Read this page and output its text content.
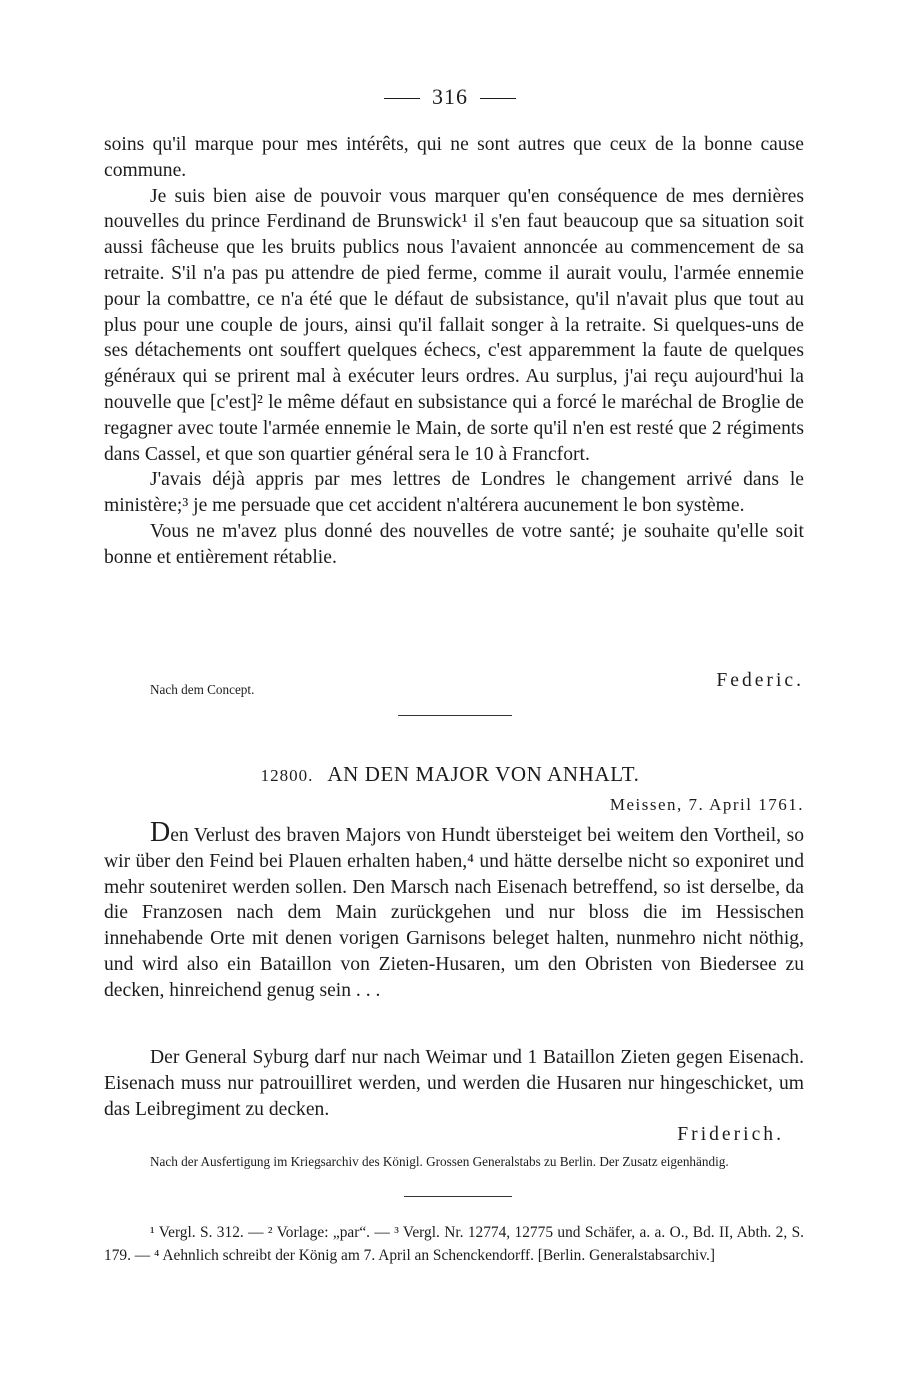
316

soins qu'il marque pour mes intérêts, qui ne sont autres que ceux de la bonne cause commune.

Je suis bien aise de pouvoir vous marquer qu'en conséquence de mes dernières nouvelles du prince Ferdinand de Brunswick¹ il s'en faut beaucoup que sa situation soit aussi fâcheuse que les bruits publics nous l'avaient annoncée au commencement de sa retraite. S'il n'a pas pu attendre de pied ferme, comme il aurait voulu, l'armée ennemie pour la combattre, ce n'a été que le défaut de subsistance, qu'il n'avait plus que tout au plus pour une couple de jours, ainsi qu'il fallait songer à la retraite. Si quelques-uns de ses détachements ont souffert quelques échecs, c'est apparemment la faute de quelques généraux qui se prirent mal à exécuter leurs ordres. Au surplus, j'ai reçu aujourd'hui la nouvelle que [c'est]² le même défaut en subsistance qui a forcé le maréchal de Broglie de regagner avec toute l'armée ennemie le Main, de sorte qu'il n'en est resté que 2 régiments dans Cassel, et que son quartier général sera le 10 à Francfort.

J'avais déjà appris par mes lettres de Londres le changement arrivé dans le ministère;³ je me persuade que cet accident n'altérera aucunement le bon système.

Vous ne m'avez plus donné des nouvelles de votre santé; je souhaite qu'elle soit bonne et entièrement rétablie.

Nach dem Concept.	Federic.
12800. AN DEN MAJOR VON ANHALT.
Meissen, 7. April 1761.

Den Verlust des braven Majors von Hundt übersteiget bei weitem den Vortheil, so wir über den Feind bei Plauen erhalten haben,⁴ und hätte derselbe nicht so exponiret und mehr souteniret werden sollen. Den Marsch nach Eisenach betreffend, so ist derselbe, da die Franzosen nach dem Main zurückgehen und nur bloss die im Hessischen innehabende Orte mit denen vorigen Garnisons beleget halten, nunmehro nicht nöthig, und wird also ein Bataillon von Zieten-Husaren, um den Obristen von Biedersee zu decken, hinreichend genug sein . . .

Der General Syburg darf nur nach Weimar und 1 Bataillon Zieten gegen Eisenach. Eisenach muss nur patrouilliret werden, und werden die Husaren nur hingeschicket, um das Leibregiment zu decken.

Friderich.
Nach der Ausfertigung im Kriegsarchiv des Königl. Grossen Generalstabs zu Berlin. Der Zusatz eigenhändig.

¹ Vergl. S. 312. — ² Vorlage: „par“. — ³ Vergl. Nr. 12774, 12775 und Schäfer, a. a. O., Bd. II, Abth. 2, S. 179. — ⁴ Aehnlich schreibt der König am 7. April an Schenckendorff. [Berlin. Generalstabsarchiv.]
